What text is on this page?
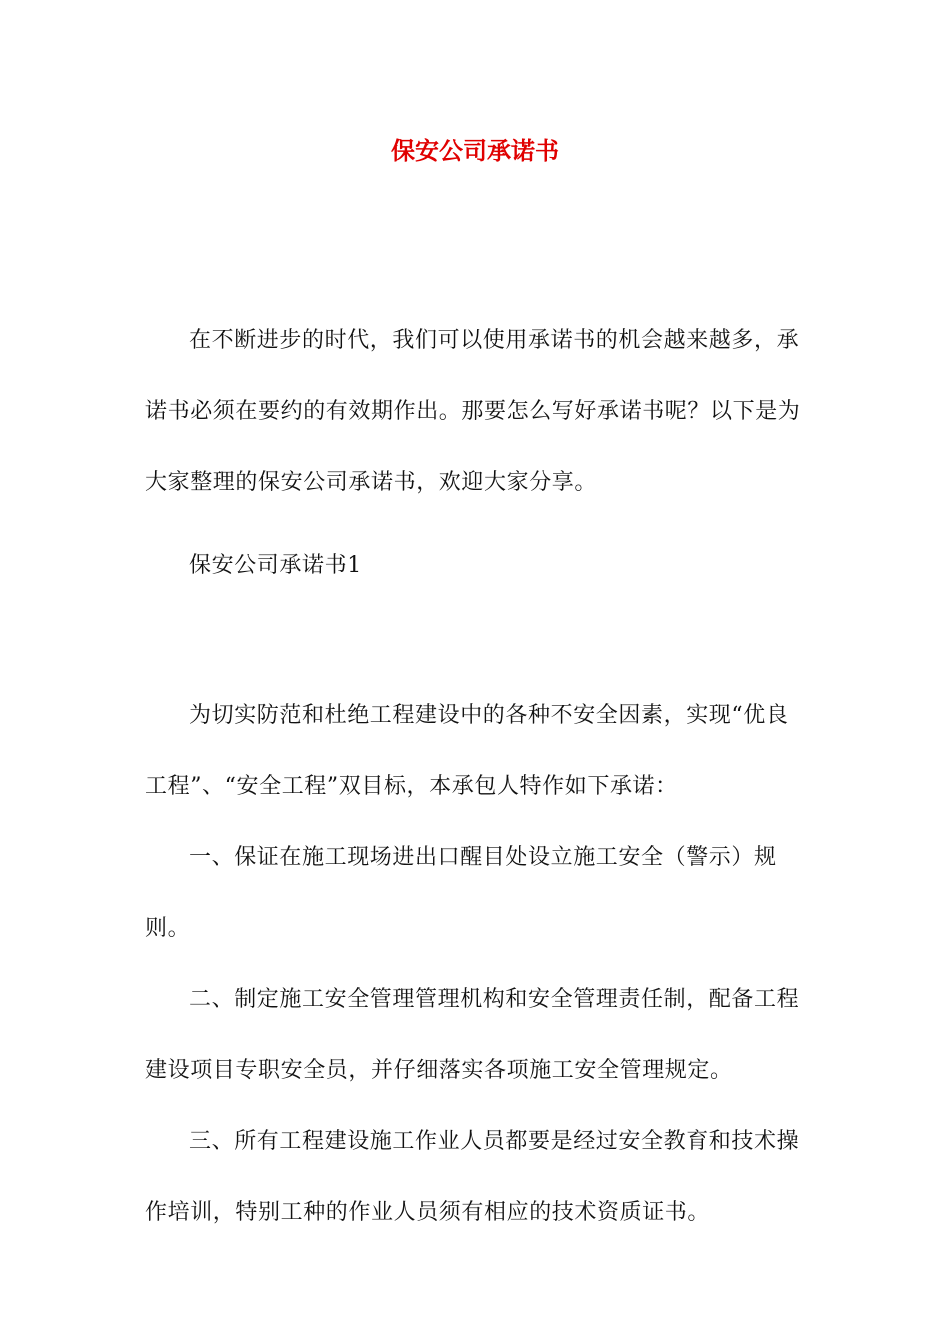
保安公司承诺书

在不断进步的时代，我们可以使用承诺书的机会越来越多，承诺书必须在要约的有效期作出。那要怎么写好承诺书呢？以下是为大家整理的保安公司承诺书，欢迎大家分享。

保安公司承诺书1

为切实防范和杜绝工程建设中的各种不安全因素，实现“优良工程”、“安全工程”双目标，本承包人特作如下承诺：

一、保证在施工现场进出口醒目处设立施工安全（警示）规则。

二、制定施工安全管理管理机构和安全管理责任制，配备工程建设项目专职安全员，并仔细落实各项施工安全管理规定。

三、所有工程建设施工作业人员都要是经过安全教育和技术操作培训，特别工种的作业人员须有相应的技术资质证书。
